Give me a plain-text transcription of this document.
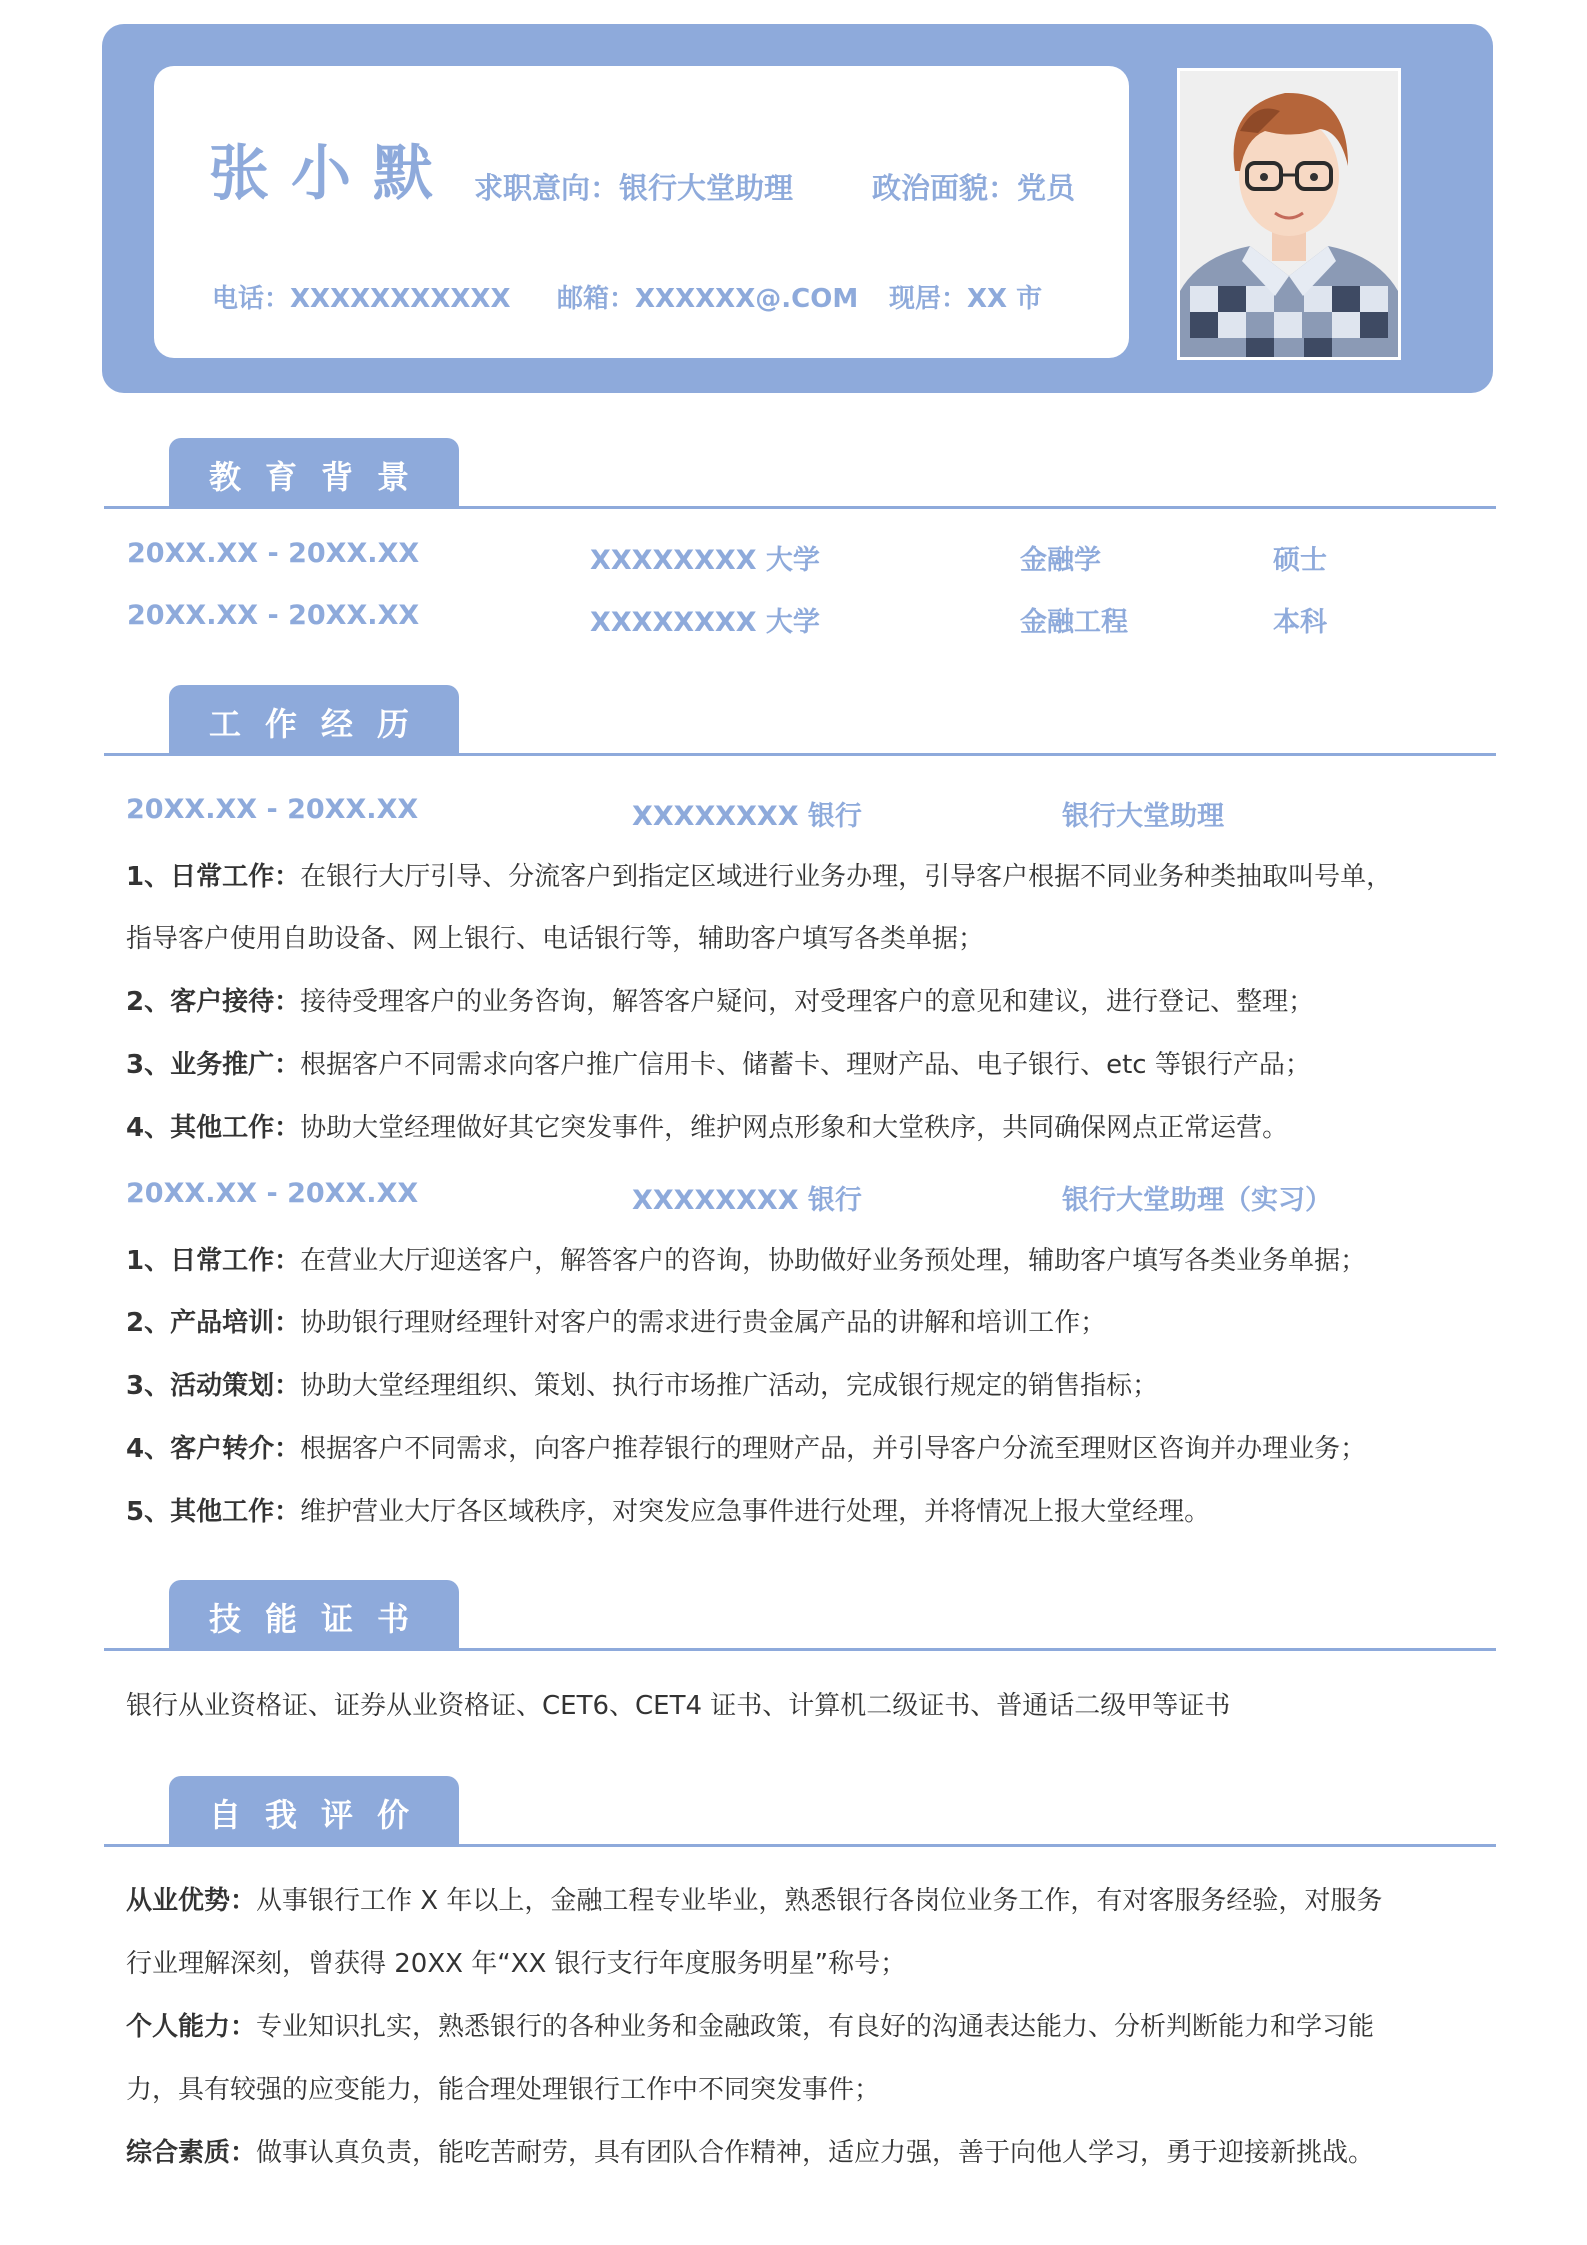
张小默 求职意向：银行大堂助理	政治面貌：党员
电话：XXXXXXXXXXX 邮箱：XXXXXX@.COM 现居：XX 市
教育背景
20XX.XX - 20XX.XX	XXXXXXXX 大学	金融学	硕士
20XX.XX - 20XX.XX	XXXXXXXX 大学	金融工程	本科
工作经历
20XX.XX - 20XX.XX	XXXXXXXX 银行	银行大堂助理
1、日常工作：在银行大厅引导、分流客户到指定区域进行业务办理，引导客户根据不同业务种类抽取叫号单，
指导客户使用自助设备、网上银行、电话银行等，辅助客户填写各类单据；
2、客户接待：接待受理客户的业务咨询，解答客户疑问，对受理客户的意见和建议，进行登记、整理；
3、业务推广：根据客户不同需求向客户推广信用卡、储蓄卡、理财产品、电子银行、etc 等银行产品；
4、其他工作：协助大堂经理做好其它突发事件，维护网点形象和大堂秩序，共同确保网点正常运营。
20XX.XX - 20XX.XX	XXXXXXXX 银行	银行大堂助理（实习）
1、日常工作：在营业大厅迎送客户，解答客户的咨询，协助做好业务预处理，辅助客户填写各类业务单据；
2、产品培训：协助银行理财经理针对客户的需求进行贵金属产品的讲解和培训工作；
3、活动策划：协助大堂经理组织、策划、执行市场推广活动，完成银行规定的销售指标；
4、客户转介：根据客户不同需求，向客户推荐银行的理财产品，并引导客户分流至理财区咨询并办理业务；
5、其他工作：维护营业大厅各区域秩序，对突发应急事件进行处理，并将情况上报大堂经理。
技能证书
银行从业资格证、证券从业资格证、CET6、CET4 证书、计算机二级证书、普通话二级甲等证书
自我评价
从业优势：从事银行工作 X 年以上，金融工程专业毕业，熟悉银行各岗位业务工作，有对客服务经验，对服务
行业理解深刻，曾获得 20XX 年“XX 银行支行年度服务明星”称号；
个人能力：专业知识扎实，熟悉银行的各种业务和金融政策，有良好的沟通表达能力、分析判断能力和学习能
力，具有较强的应变能力，能合理处理银行工作中不同突发事件；
综合素质：做事认真负责，能吃苦耐劳，具有团队合作精神，适应力强，善于向他人学习，勇于迎接新挑战。
